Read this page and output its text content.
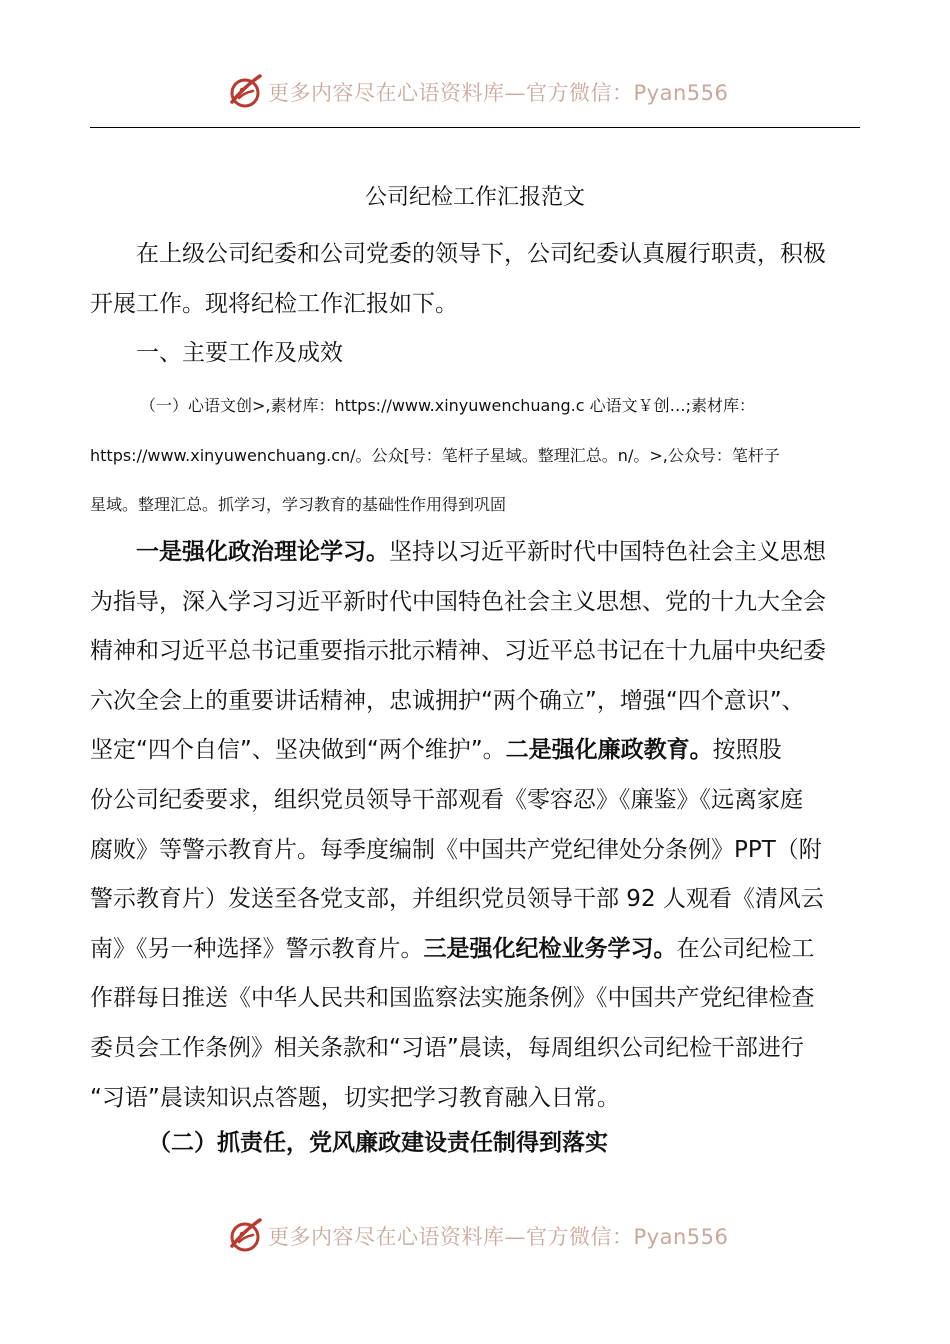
更多内容尽在心语资料库—官方微信：Pyan556
公司纪检工作汇报范文
在上级公司纪委和公司党委的领导下，公司纪委认真履行职责，积极
开展工作。现将纪检工作汇报如下。
一、主要工作及成效
（一）心语文创>,素材库：https://www.xinyuwenchuang.c 心语文￥创…;素材库：
https://www.xinyuwenchuang.cn/。公众[号：笔杆子星域。整理汇总。n/。>,公众号：笔杆子
星域。整理汇总。抓学习，学习教育的基础性作用得到巩固
一是强化政治理论学习。坚持以习近平新时代中国特色社会主义思想
为指导，深入学习习近平新时代中国特色社会主义思想、党的十九大全会
精神和习近平总书记重要指示批示精神、习近平总书记在十九届中央纪委
六次全会上的重要讲话精神，忠诚拥护“两个确立”，增强“四个意识”、
坚定“四个自信”、坚决做到“两个维护”。二是强化廉政教育。按照股
份公司纪委要求，组织党员领导干部观看《零容忍》《廉鉴》《远离家庭
腐败》等警示教育片。每季度编制《中国共产党纪律处分条例》PPT（附
警示教育片）发送至各党支部，并组织党员领导干部 92 人观看《清风云
南》《另一种选择》警示教育片。三是强化纪检业务学习。在公司纪检工
作群每日推送《中华人民共和国监察法实施条例》《中国共产党纪律检查
委员会工作条例》相关条款和“习语”晨读，每周组织公司纪检干部进行
“习语”晨读知识点答题，切实把学习教育融入日常。
（二）抓责任，党风廉政建设责任制得到落实
更多内容尽在心语资料库—官方微信：Pyan556
